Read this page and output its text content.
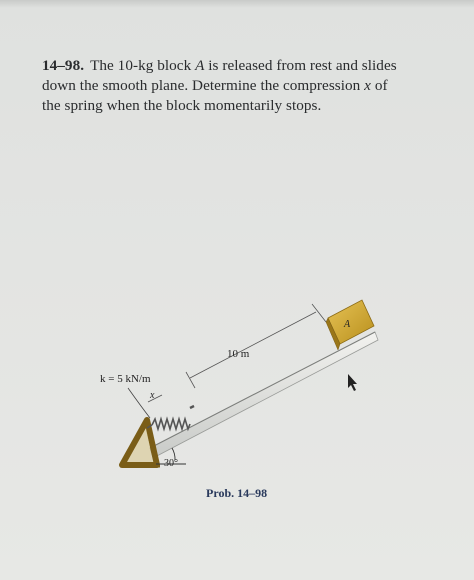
14–98. The 10-kg block A is released from rest and slides
down the smooth plane. Determine the compression x of
the spring when the block momentarily stops.
30°
A
10 m
k = 5 kN/m
x
Prob. 14–98
